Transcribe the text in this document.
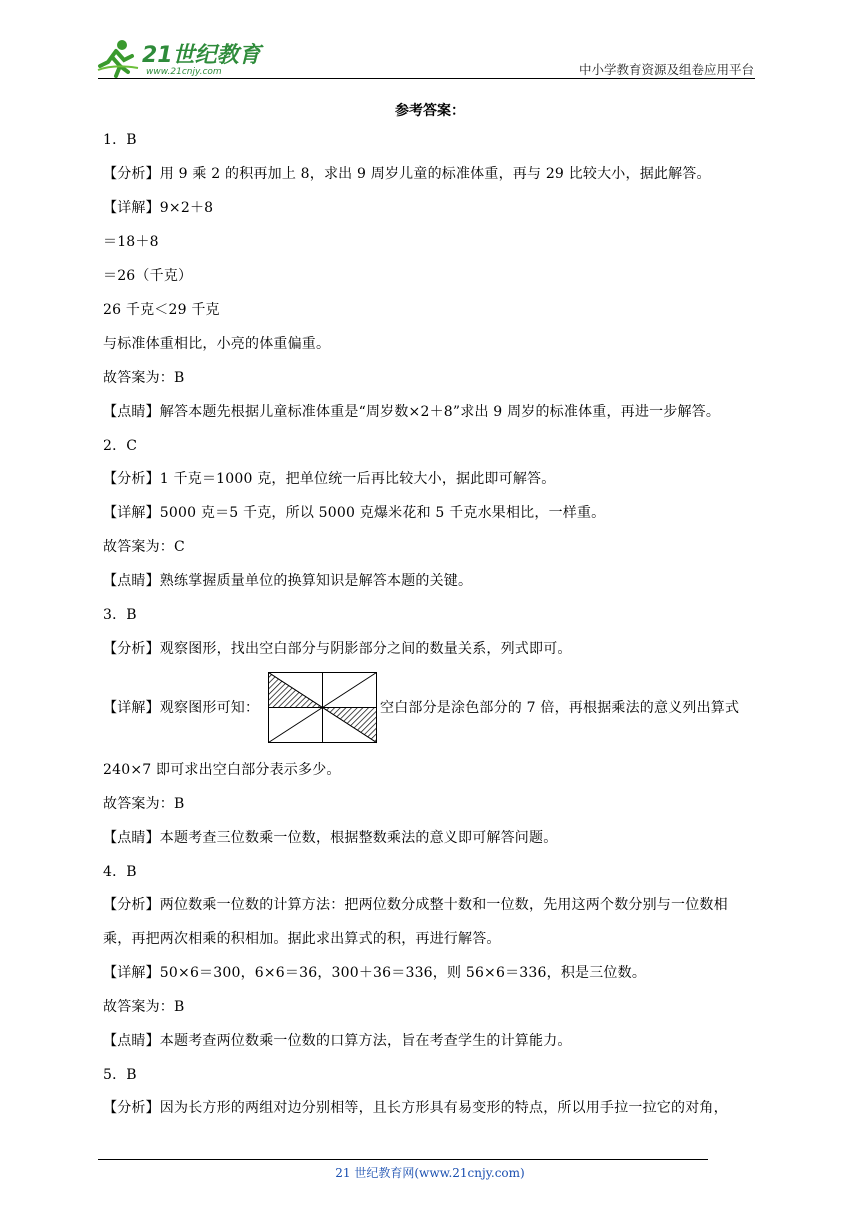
21世纪教育
www.21cnjy.com	中小学教育资源及组卷应用平台
参考答案：
1．B
【分析】用 9 乘 2 的积再加上 8，求出 9 周岁儿童的标准体重，再与 29 比较大小，据此解答。
【详解】9×2＋8
＝18＋8
＝26（千克）
26 千克＜29 千克
与标准体重相比，小亮的体重偏重。
故答案为：B
【点睛】解答本题先根据儿童标准体重是“周岁数×2＋8”求出 9 周岁的标准体重，再进一步解答。
2．C
【分析】1 千克＝1000 克，把单位统一后再比较大小，据此即可解答。
【详解】5000 克＝5 千克，所以 5000 克爆米花和 5 千克水果相比，一样重。
故答案为：C
【点睛】熟练掌握质量单位的换算知识是解答本题的关键。
3．B
【分析】观察图形，找出空白部分与阴影部分之间的数量关系，列式即可。
【详解】观察图形可知：	空白部分是涂色部分的 7 倍，再根据乘法的意义列出算式
240×7 即可求出空白部分表示多少。
故答案为：B
【点睛】本题考查三位数乘一位数，根据整数乘法的意义即可解答问题。
4．B
【分析】两位数乘一位数的计算方法：把两位数分成整十数和一位数，先用这两个数分别与一位数相
乘，再把两次相乘的积相加。据此求出算式的积，再进行解答。
【详解】50×6＝300，6×6＝36，300＋36＝336，则 56×6＝336，积是三位数。
故答案为：B
【点睛】本题考查两位数乘一位数的口算方法，旨在考查学生的计算能力。
5．B
【分析】因为长方形的两组对边分别相等，且长方形具有易变形的特点，所以用手拉一拉它的对角，
21 世纪教育网(www.21cnjy.com)
